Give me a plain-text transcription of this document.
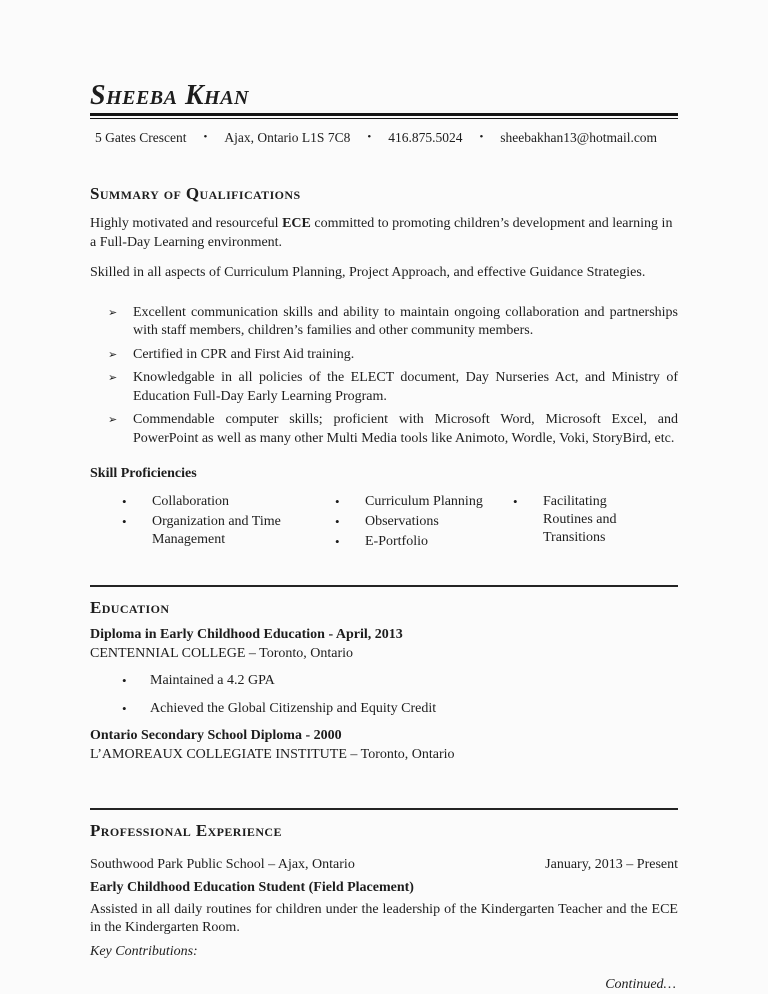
Sheeba Khan
5 Gates Crescent • Ajax, Ontario L1S 7C8 • 416.875.5024 • sheebakhan13@hotmail.com
Summary of Qualifications

Highly motivated and resourceful ECE committed to promoting children’s development and learning in a Full-Day Learning environment.

Skilled in all aspects of Curriculum Planning, Project Approach, and effective Guidance Strategies.

➢	Excellent communication skills and ability to maintain ongoing collaboration and partnerships with staff members, children’s families and other community members.
➢	Certified in CPR and First Aid training.
➢	Knowledgable in all policies of the ELECT document, Day Nurseries Act, and Ministry of Education Full-Day Early Learning Program.
➢	Commendable computer skills; proficient with Microsoft Word, Microsoft Excel, and PowerPoint as well as many other Multi Media tools like Animoto, Wordle, Voki, StoryBird, etc.

Skill Proficiencies

•	Collaboration
•	Organization and Time Management
•	Curriculum Planning
•	Observations
•	E-Portfolio
•	Facilitating Routines and Transitions
Education

Diploma in Early Childhood Education - April, 2013

CENTENNIAL COLLEGE – Toronto, Ontario

•	Maintained a 4.2 GPA
•	Achieved the Global Citizenship and Equity Credit

Ontario Secondary School Diploma - 2000

L’AMOREAUX COLLEGIATE INSTITUTE – Toronto, Ontario

Professional Experience
Southwood Park Public School – Ajax, Ontario	January, 2013 – Present

Early Childhood Education Student (Field Placement)

Assisted in all daily routines for children under the leadership of the Kindergarten Teacher and the ECE in the Kindergarten Room.

Key Contributions:

Continued…
